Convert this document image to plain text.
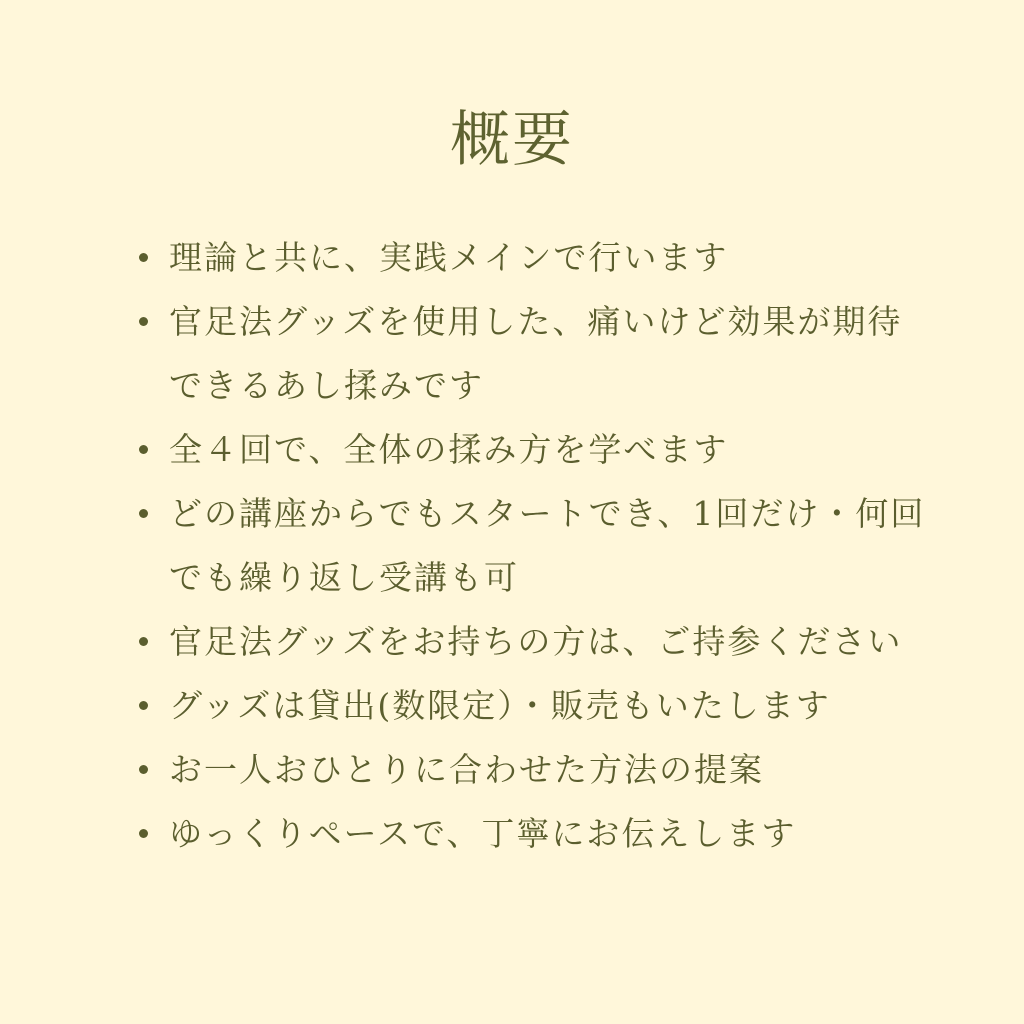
概要
理論と共に、実践メインで行います
官足法グッズを使用した、痛いけど効果が期待できるあし揉みです
全４回で、全体の揉み方を学べます
どの講座からでもスタートでき、1回だけ・何回でも繰り返し受講も可
官足法グッズをお持ちの方は、ご持参ください
グッズは貸出(数限定）・販売もいたします
お一人おひとりに合わせた方法の提案
ゆっくりペースで、丁寧にお伝えします
